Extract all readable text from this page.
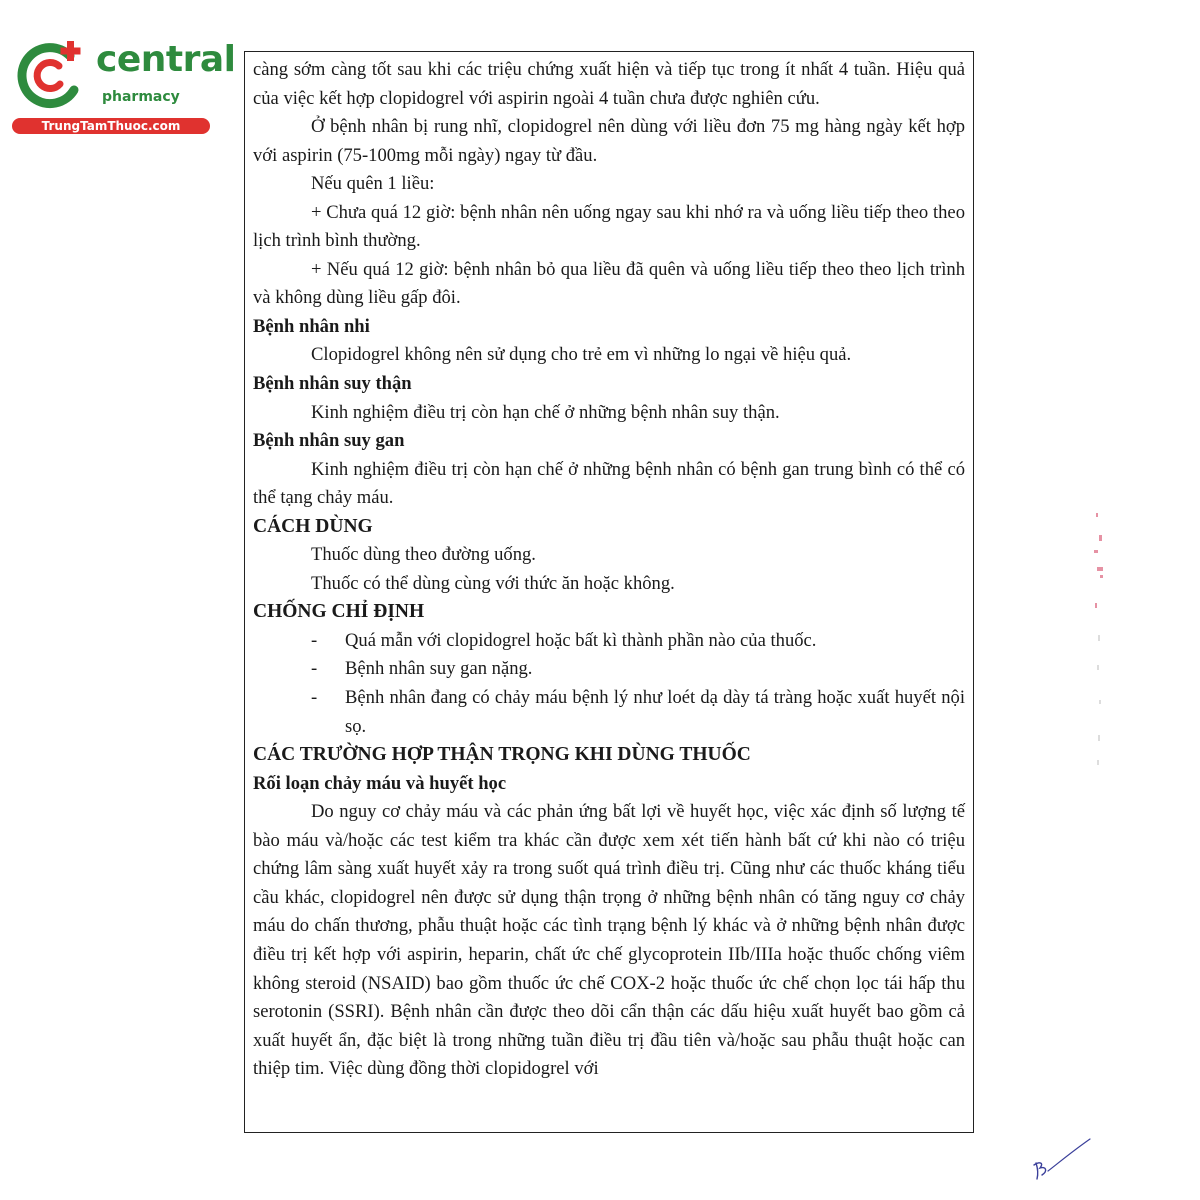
central
pharmacy
TrungTamThuoc.com

càng sớm càng tốt sau khi các triệu chứng xuất hiện và tiếp tục trong ít nhất 4 tuần. Hiệu quả của việc kết hợp clopidogrel với aspirin ngoài 4 tuần chưa được nghiên cứu.

Ở bệnh nhân bị rung nhĩ, clopidogrel nên dùng với liều đơn 75 mg hàng ngày kết hợp với aspirin (75-100mg mỗi ngày) ngay từ đầu.

Nếu quên 1 liều:

+ Chưa quá 12 giờ: bệnh nhân nên uống ngay sau khi nhớ ra và uống liều tiếp theo theo lịch trình bình thường.

+ Nếu quá 12 giờ: bệnh nhân bỏ qua liều đã quên và uống liều tiếp theo theo lịch trình và không dùng liều gấp đôi.

Bệnh nhân nhi

Clopidogrel không nên sử dụng cho trẻ em vì những lo ngại về hiệu quả.

Bệnh nhân suy thận

Kinh nghiệm điều trị còn hạn chế ở những bệnh nhân suy thận.

Bệnh nhân suy gan

Kinh nghiệm điều trị còn hạn chế ở những bệnh nhân có bệnh gan trung bình có thể có thể tạng chảy máu.

CÁCH DÙNG

Thuốc dùng theo đường uống.

Thuốc có thể dùng cùng với thức ăn hoặc không.

CHỐNG CHỈ ĐỊNH

- Quá mẫn với clopidogrel hoặc bất kì thành phần nào của thuốc.
- Bệnh nhân suy gan nặng.
- Bệnh nhân đang có chảy máu bệnh lý như loét dạ dày tá tràng hoặc xuất huyết nội sọ.

CÁC TRƯỜNG HỢP THẬN TRỌNG KHI DÙNG THUỐC

Rối loạn chảy máu và huyết học

Do nguy cơ chảy máu và các phản ứng bất lợi về huyết học, việc xác định số lượng tế bào máu và/hoặc các test kiểm tra khác cần được xem xét tiến hành bất cứ khi nào có triệu chứng lâm sàng xuất huyết xảy ra trong suốt quá trình điều trị. Cũng như các thuốc kháng tiểu cầu khác, clopidogrel nên được sử dụng thận trọng ở những bệnh nhân có tăng nguy cơ chảy máu do chấn thương, phẫu thuật hoặc các tình trạng bệnh lý khác và ở những bệnh nhân được điều trị kết hợp với aspirin, heparin, chất ức chế glycoprotein IIb/IIIa hoặc thuốc chống viêm không steroid (NSAID) bao gồm thuốc ức chế COX-2 hoặc thuốc ức chế chọn lọc tái hấp thu serotonin (SSRI). Bệnh nhân cần được theo dõi cẩn thận các dấu hiệu xuất huyết bao gồm cả xuất huyết ẩn, đặc biệt là trong những tuần điều trị đầu tiên và/hoặc sau phẫu thuật hoặc can thiệp tim. Việc dùng đồng thời clopidogrel với
